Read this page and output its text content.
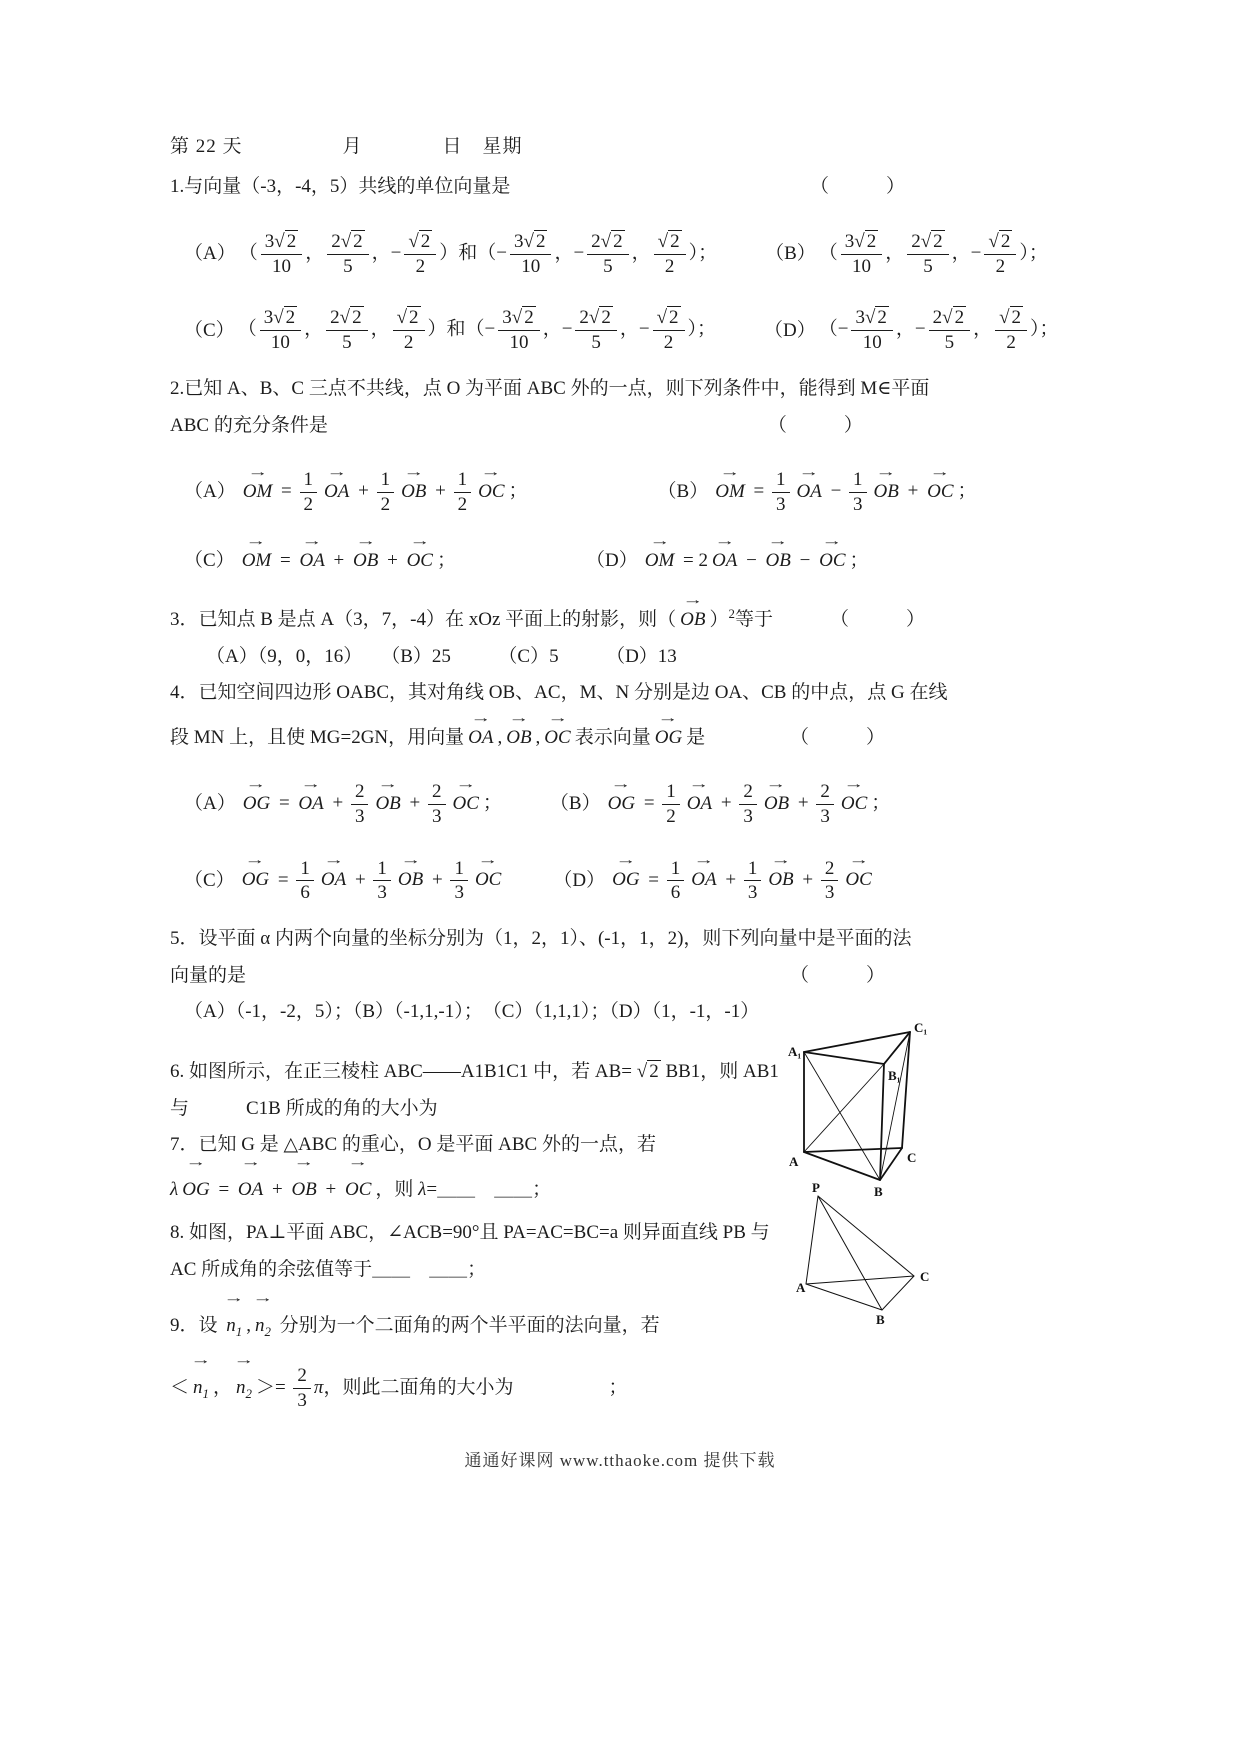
第 22 天　　　　　月　　　　日　星期
1.与向量（-3，-4，5）共线的单位向量是	（　　　）
（A） （ $\frac{3√ 2}{10}$ ， $\frac{2√ 2}{5}$ ，− $\frac{√ 2}{2}$ ）和（− $\frac{3√ 2}{10}$ ，− $\frac{2√ 2}{5}$ ， $\frac{√ 2}{2}$ ）；	（B） （ $\frac{3√ 2}{10}$ ， $\frac{2√ 2}{5}$ ，− $\frac{√ 2}{2}$ ）；
（C） （ $\frac{3√ 2}{10}$ ， $\frac{2√ 2}{5}$ ， $\frac{√ 2}{2}$ ）和（− $\frac{3√ 2}{10}$ ，− $\frac{2√ 2}{5}$ ，− $\frac{√ 2}{2}$ ）；	（D） （− $\frac{3√ 2}{10}$ ，− $\frac{2√ 2}{5}$ ， $\frac{√ 2}{2}$ ）；
2.已知 A、B、C 三点不共线，点 O 为平面 ABC 外的一点，则下列条件中，能得到 M∈平面
ABC 的充分条件是	（　　　）
（A） → OM = $\frac{1}{2}$ → OA + $\frac{1}{2}$ → OB + $\frac{1}{2}$ → OC ；	（B） → OM = $\frac{1}{3}$ → OA − $\frac{1}{3}$ → OB + → OC ；
（C） → OM = → OA + → OB + → OC ；	（D） → OM = 2 → OA − → OB − → OC ；
3．已知点 B 是点 A（3，7，-4）在 xOz 平面上的射影，则 （ → OB ）$^2$ 等于	（　　　）
（A）（9，0，16）　　（B）25　　　（C）5　　　（D）13
4．已知空间四边形 OABC，其对角线 OB、AC，M、N 分别是边 OA、CB 的中点，点 G 在线
段 MN 上，且使 MG=2GN，用向量 → OA , → OB , → OC 表示向量 → OG 是	（　　　）
（A） → OG = → OA + $\frac{2}{3}$ → OB + $\frac{2}{3}$ → OC ；	（B） → OG = $\frac{1}{2}$ → OA + $\frac{2}{3}$ → OB + $\frac{2}{3}$ → OC ；
（C） → OG = $\frac{1}{6}$ → OA + $\frac{1}{3}$ → OB + $\frac{1}{3}$ → OC	（D） → OG = $\frac{1}{6}$ → OA + $\frac{1}{3}$ → OB + $\frac{2}{3}$ → OC
5．设平面 α 内两个向量的坐标分别为（1，2，1）、(-1，1，2)，则下列向量中是平面的法
向量的是	（　　　）
（A）（-1，-2，5）；（B）（-1,1,-1）；　（C）（1,1,1）；（D）（1，-1，-1）
6. 如图所示，在正三棱柱 ABC——A1B1C1 中，若 AB= √ 2 BB1，则 AB1
与　　　C1B 所成的角的大小为
7．已知 G 是 △ABC 的重心，O 是平面 ABC 外的一点，若
λ → OG = → OA + → OB + → OC ，则 λ=＿＿　＿＿；
8. 如图，PA⊥平面 ABC，∠ACB=90°且 PA=AC=BC=a 则异面直线 PB 与
AC 所成角的余弦值等于＿＿　＿＿；
9．设 → $n_1$ , → $n_2$ 分别为一个二面角的两个半平面的法向量，若
＜ → $n_1$ ， → $n_2 >= \frac{2}{3}$ π，则此二面角的大小为　　　　　；
A₁
C₁
B₁
A	C
B
P
A
C
B
通通好课网 www.tthaoke.com 提供下载
